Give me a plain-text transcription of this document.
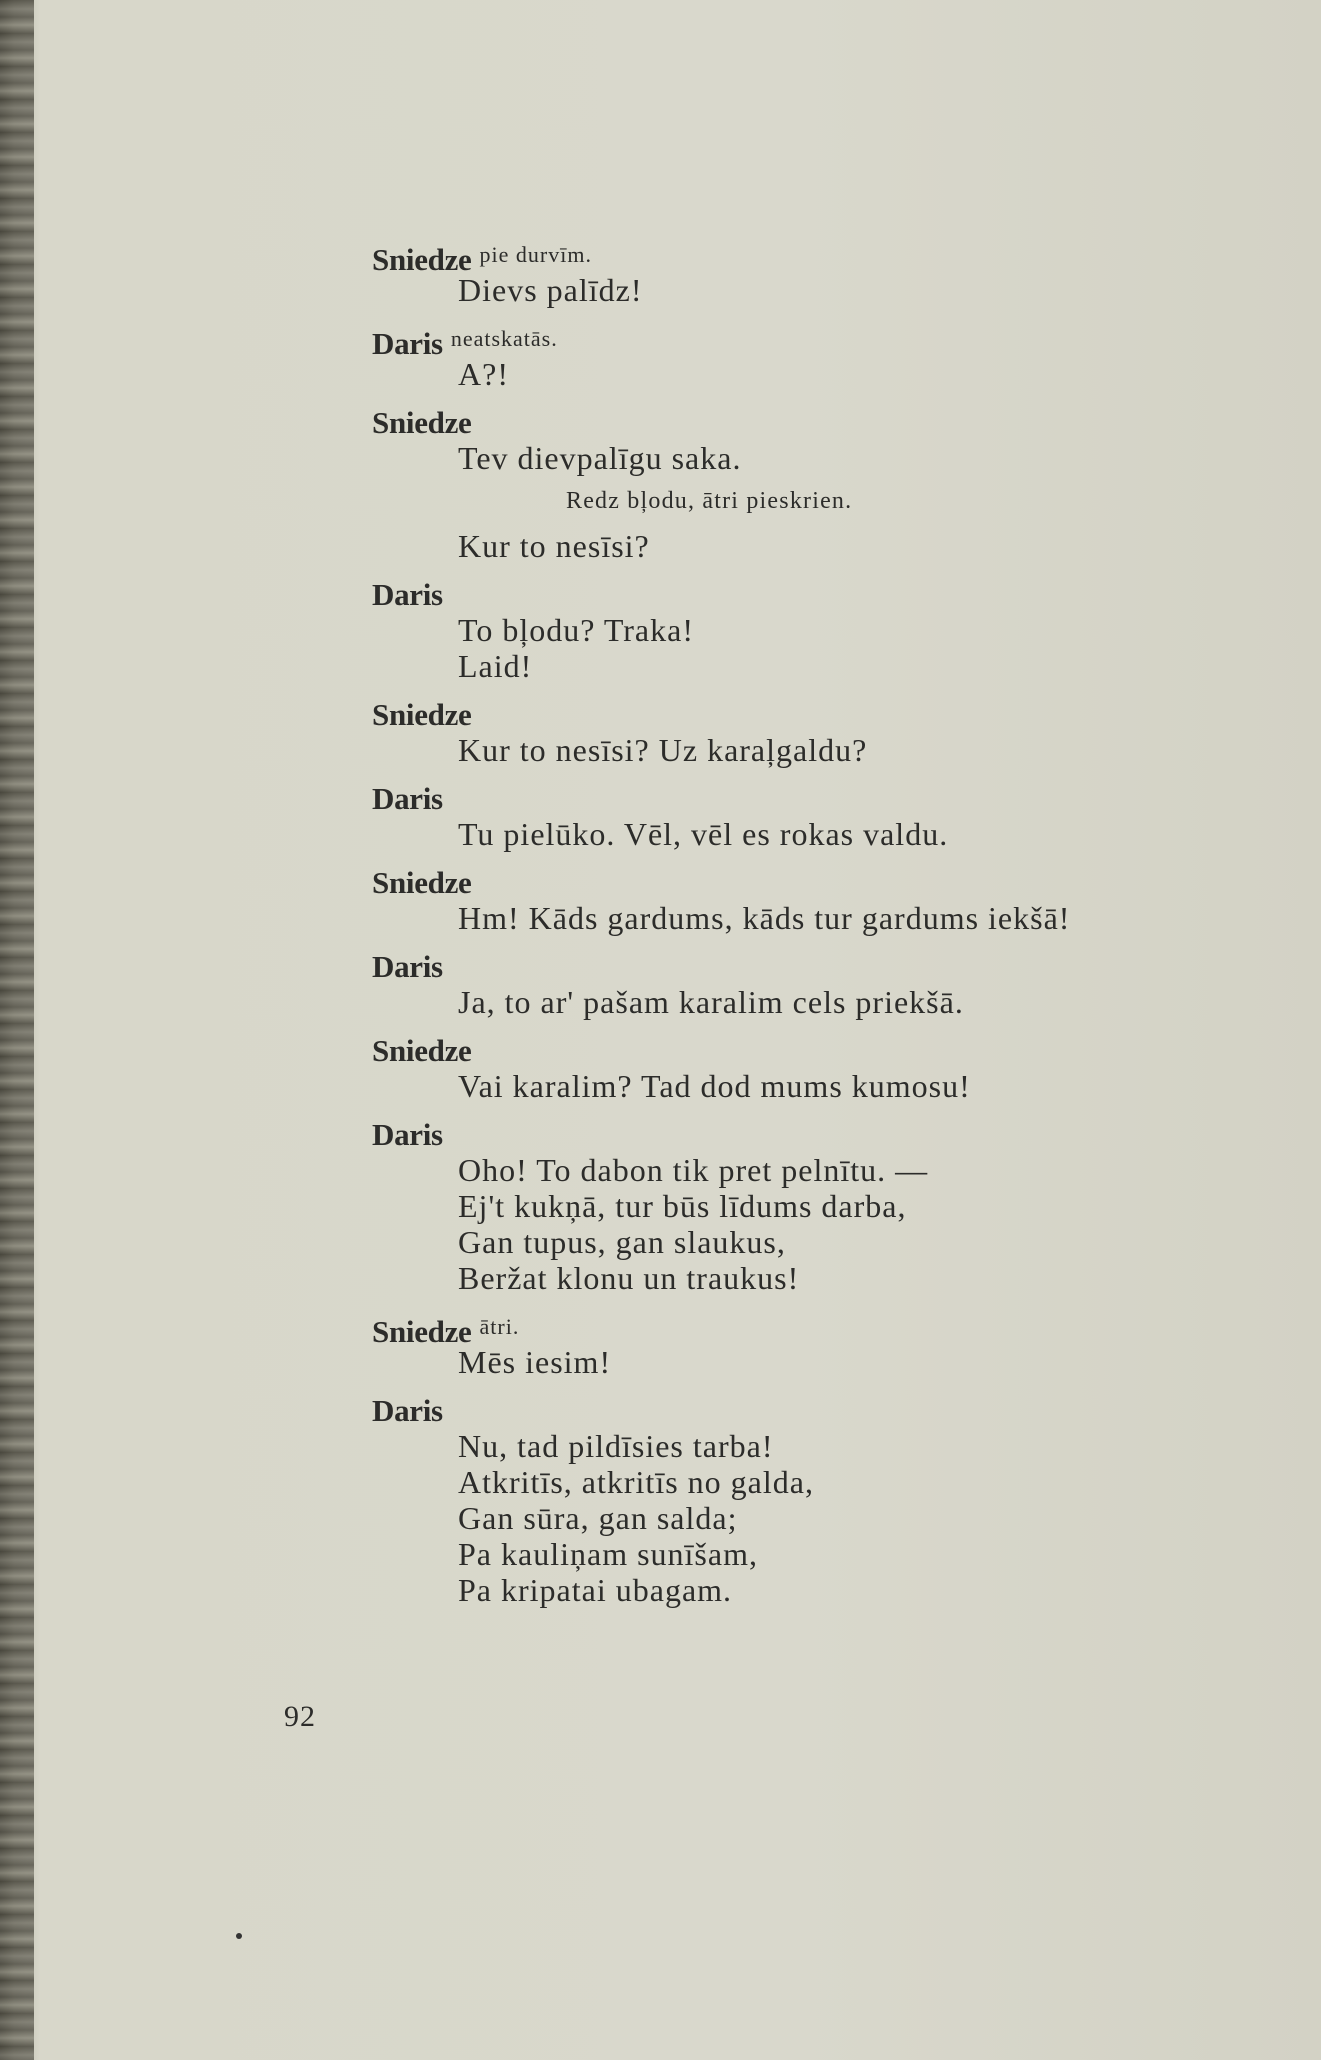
Sniedze $^{pie durvīm.}$
Dievs palīdz!
Daris $^{neatskatās.}$
A?!
Sniedze
Tev dievpalīgu saka.
Redz bļodu, ātri pieskrien.
Kur to nesīsi?
Daris
To bļodu? Traka!
Laid!
Sniedze
Kur to nesīsi? Uz karaļgaldu?
Daris
Tu pielūko. Vēl, vēl es rokas valdu.
Sniedze
Hm! Kāds gardums, kāds tur gardums iekšā!
Daris
Ja, to ar' pašam karalim cels priekšā.
Sniedze
Vai karalim? Tad dod mums kumosu!
Daris
Oho! To dabon tik pret pelnītu. —
Ej't kukņā, tur būs līdums darba,
Gan tupus, gan slaukus,
Beržat klonu un traukus!
Sniedze $^{ātri.}$
Mēs iesim!
Daris
Nu, tad pildīsies tarba!
Atkritīs, atkritīs no galda,
Gan sūra, gan salda;
Pa kauliņam sunīšam,
Pa kripatai ubagam.
92
